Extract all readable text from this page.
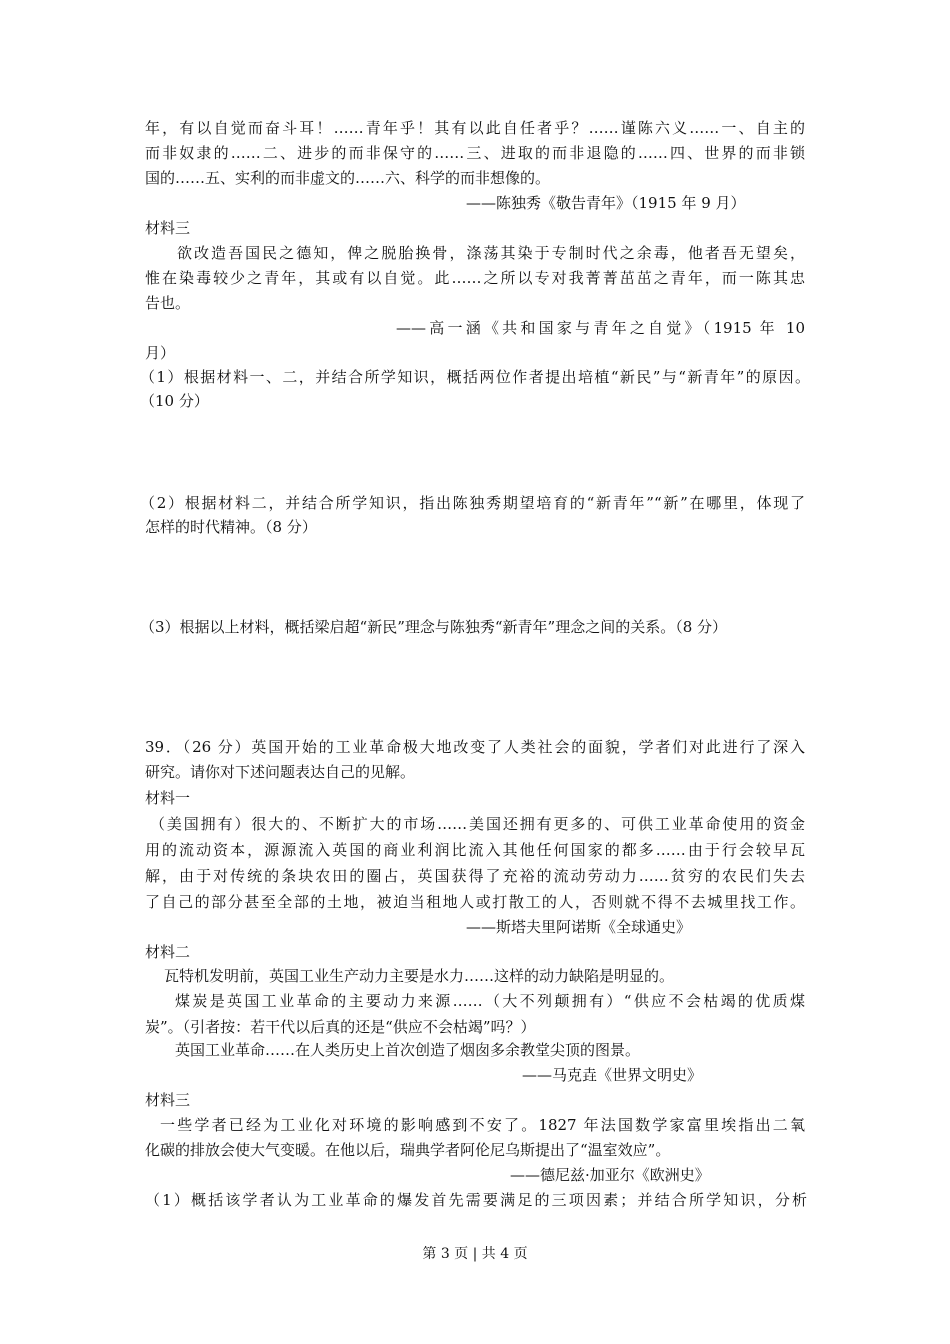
年，有以自觉而奋斗耳！……青年乎！其有以此自任者乎？……谨陈六义……一、自主的
而非奴隶的……二、进步的而非保守的……三、进取的而非退隐的……四、世界的而非锁
国的……五、实利的而非虚文的……六、科学的而非想像的。
——陈独秀《敬告青年》（1915 年 9 月）
材料三
欲改造吾国民之德知，俾之脱胎换骨，涤荡其染于专制时代之余毒，他者吾无望矣，
惟在染毒较少之青年，其或有以自觉。此……之所以专对我菁菁茁茁之青年，而一陈其忠
告也。
——高一涵《共和国家与青年之自觉》（1915 年 10
月）
（1）根据材料一、二，并结合所学知识，概括两位作者提出培植“新民”与“新青年”的原因。
（10 分）
（2）根据材料二，并结合所学知识，指出陈独秀期望培育的“新青年”“新”在哪里，体现了
怎样的时代精神。（8 分）
（3）根据以上材料，概括梁启超“新民”理念与陈独秀“新青年”理念之间的关系。（8 分）
39．（26 分）英国开始的工业革命极大地改变了人类社会的面貌，学者们对此进行了深入
研究。请你对下述问题表达自己的见解。
材料一
（美国拥有）很大的、不断扩大的市场……美国还拥有更多的、可供工业革命使用的资金
用的流动资本，源源流入英国的商业利润比流入其他任何国家的都多……由于行会较早瓦
解，由于对传统的条块农田的圈占，英国获得了充裕的流动劳动力……贫穷的农民们失去
了自己的部分甚至全部的土地，被迫当租地人或打散工的人，否则就不得不去城里找工作。
——斯塔夫里阿诺斯《全球通史》
材料二
瓦特机发明前，英国工业生产动力主要是水力……这样的动力缺陷是明显的。
煤炭是英国工业革命的主要动力来源……（大不列颠拥有）“供应不会枯竭的优质煤
炭”。（引者按：若干代以后真的还是“供应不会枯竭”吗？）
英国工业革命……在人类历史上首次创造了烟囱多余教堂尖顶的图景。
——马克垚《世界文明史》
材料三
一些学者已经为工业化对环境的影响感到不安了。1827 年法国数学家富里埃指出二氧
化碳的排放会使大气变暖。在他以后，瑞典学者阿伦尼乌斯提出了“温室效应”。
——德尼兹·加亚尔《欧洲史》
（1）概括该学者认为工业革命的爆发首先需要满足的三项因素；并结合所学知识，分析
第 3 页 | 共 4 页
